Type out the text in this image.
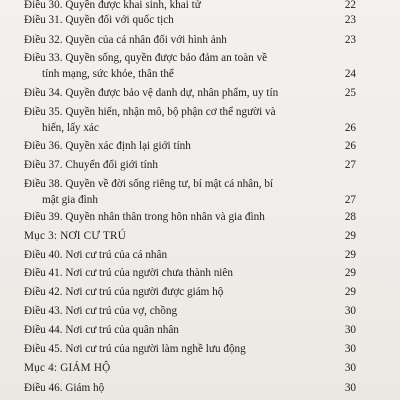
Điều 30. Quyền được khai sinh, khai tử	22
Điều 31. Quyền đối với quốc tịch	23
Điều 32. Quyền của cá nhân đối với hình ảnh	23
Điều 33. Quyền sống, quyền được bảo đảm an toàn về
tính mạng, sức khỏe, thân thể	24
Điều 34. Quyền được bảo vệ danh dự, nhân phẩm, uy tín	25
Điều 35. Quyền hiến, nhận mô, bộ phận cơ thể người và
hiến, lấy xác	26
Điều 36. Quyền xác định lại giới tính	26
Điều 37. Chuyển đổi giới tính	27
Điều 38. Quyền về đời sống riêng tư, bí mật cá nhân, bí
mật gia đình	27
Điều 39. Quyền nhân thân trong hôn nhân và gia đình	28
Mục 3: NƠI CƯ TRÚ	29
Điều 40. Nơi cư trú của cá nhân	29
Điều 41. Nơi cư trú của người chưa thành niên	29
Điều 42. Nơi cư trú của người được giám hộ	29
Điều 43. Nơi cư trú của vợ, chồng	30
Điều 44. Nơi cư trú của quân nhân	30
Điều 45. Nơi cư trú của người làm nghề lưu động	30
Mục 4: GIÁM HỘ	30
Điều 46. Giám hộ	30
